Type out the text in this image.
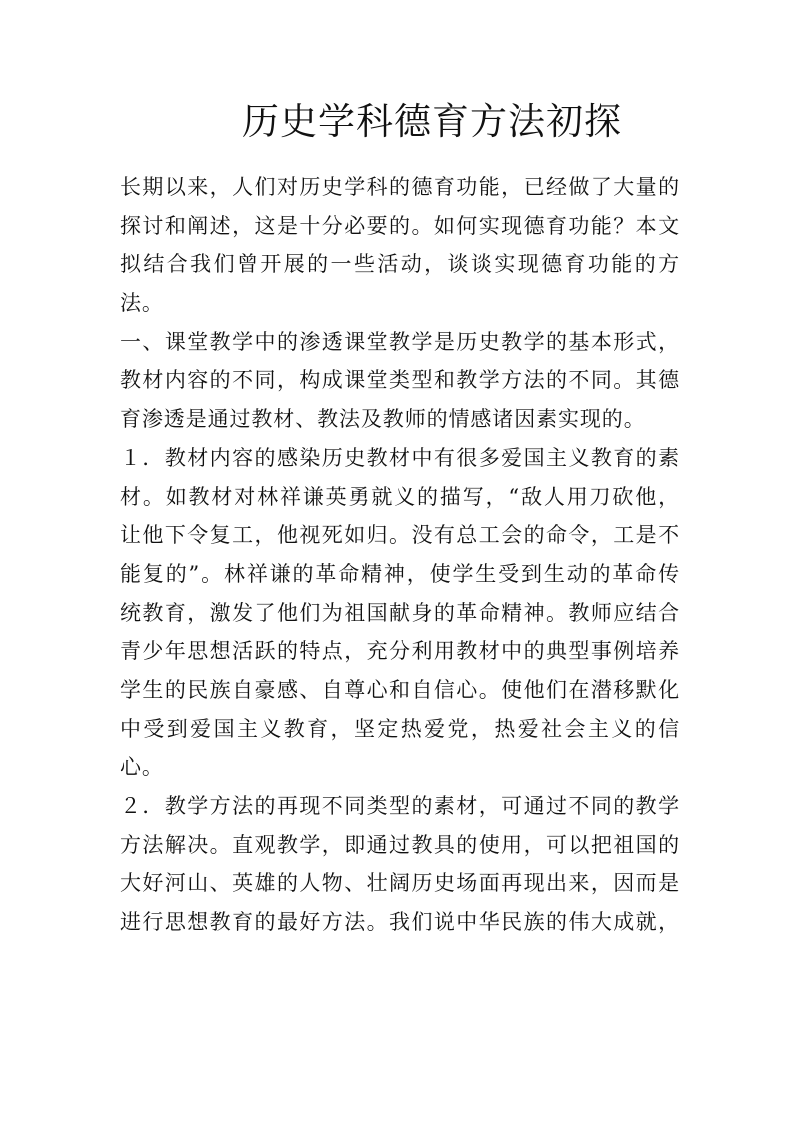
历史学科德育方法初探
长期以来，人们对历史学科的德育功能，已经做了大量的
探讨和阐述，这是十分必要的。如何实现德育功能？本文
拟结合我们曾开展的一些活动，谈谈实现德育功能的方
法。
一、课堂教学中的渗透课堂教学是历史教学的基本形式，
教材内容的不同，构成课堂类型和教学方法的不同。其德
育渗透是通过教材、教法及教师的情感诸因素实现的。
１．教材内容的感染历史教材中有很多爱国主义教育的素
材。如教材对林祥谦英勇就义的描写，“敌人用刀砍他，
让他下令复工，他视死如归。没有总工会的命令，工是不
能复的”。林祥谦的革命精神，使学生受到生动的革命传
统教育，激发了他们为祖国献身的革命精神。教师应结合
青少年思想活跃的特点，充分利用教材中的典型事例培养
学生的民族自豪感、自尊心和自信心。使他们在潜移默化
中受到爱国主义教育，坚定热爱党，热爱社会主义的信
心。
２．教学方法的再现不同类型的素材，可通过不同的教学
方法解决。直观教学，即通过教具的使用，可以把祖国的
大好河山、英雄的人物、壮阔历史场面再现出来，因而是
进行思想教育的最好方法。我们说中华民族的伟大成就，
